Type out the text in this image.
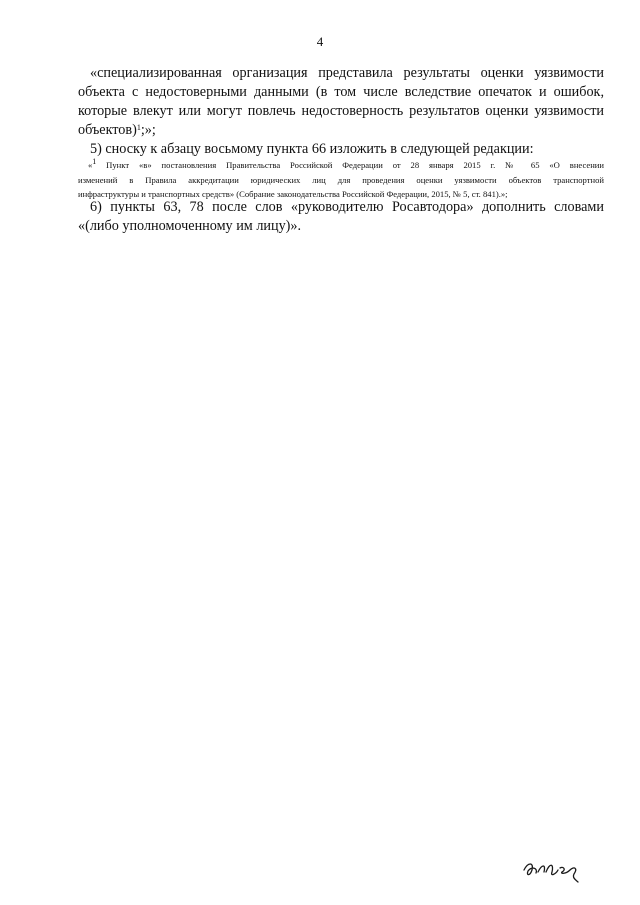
4
«специализированная организация представила результаты оценки уязвимости
объекта с недостоверными данными (в том числе вследствие опечаток и ошибок,
которые влекут или могут повлечь недостоверность результатов оценки уязвимости
объектов)$^1$;»;
5) сноску к абзацу восьмому пункта 66 изложить в следующей редакции:
«$^1$ Пункт «в» постановления Правительства Российской Федерации от 28 января 2015 г. № 65 «О внесении
изменений в Правила аккредитации юридических лиц для проведения оценки уязвимости объектов транспортной
инфраструктуры и транспортных средств» (Собрание законодательства Российской Федерации, 2015, № 5, ст. 841).»;
6) пункты 63, 78 после слов «руководителю Росавтодора» дополнить словами
«(либо уполномоченному им лицу)».
